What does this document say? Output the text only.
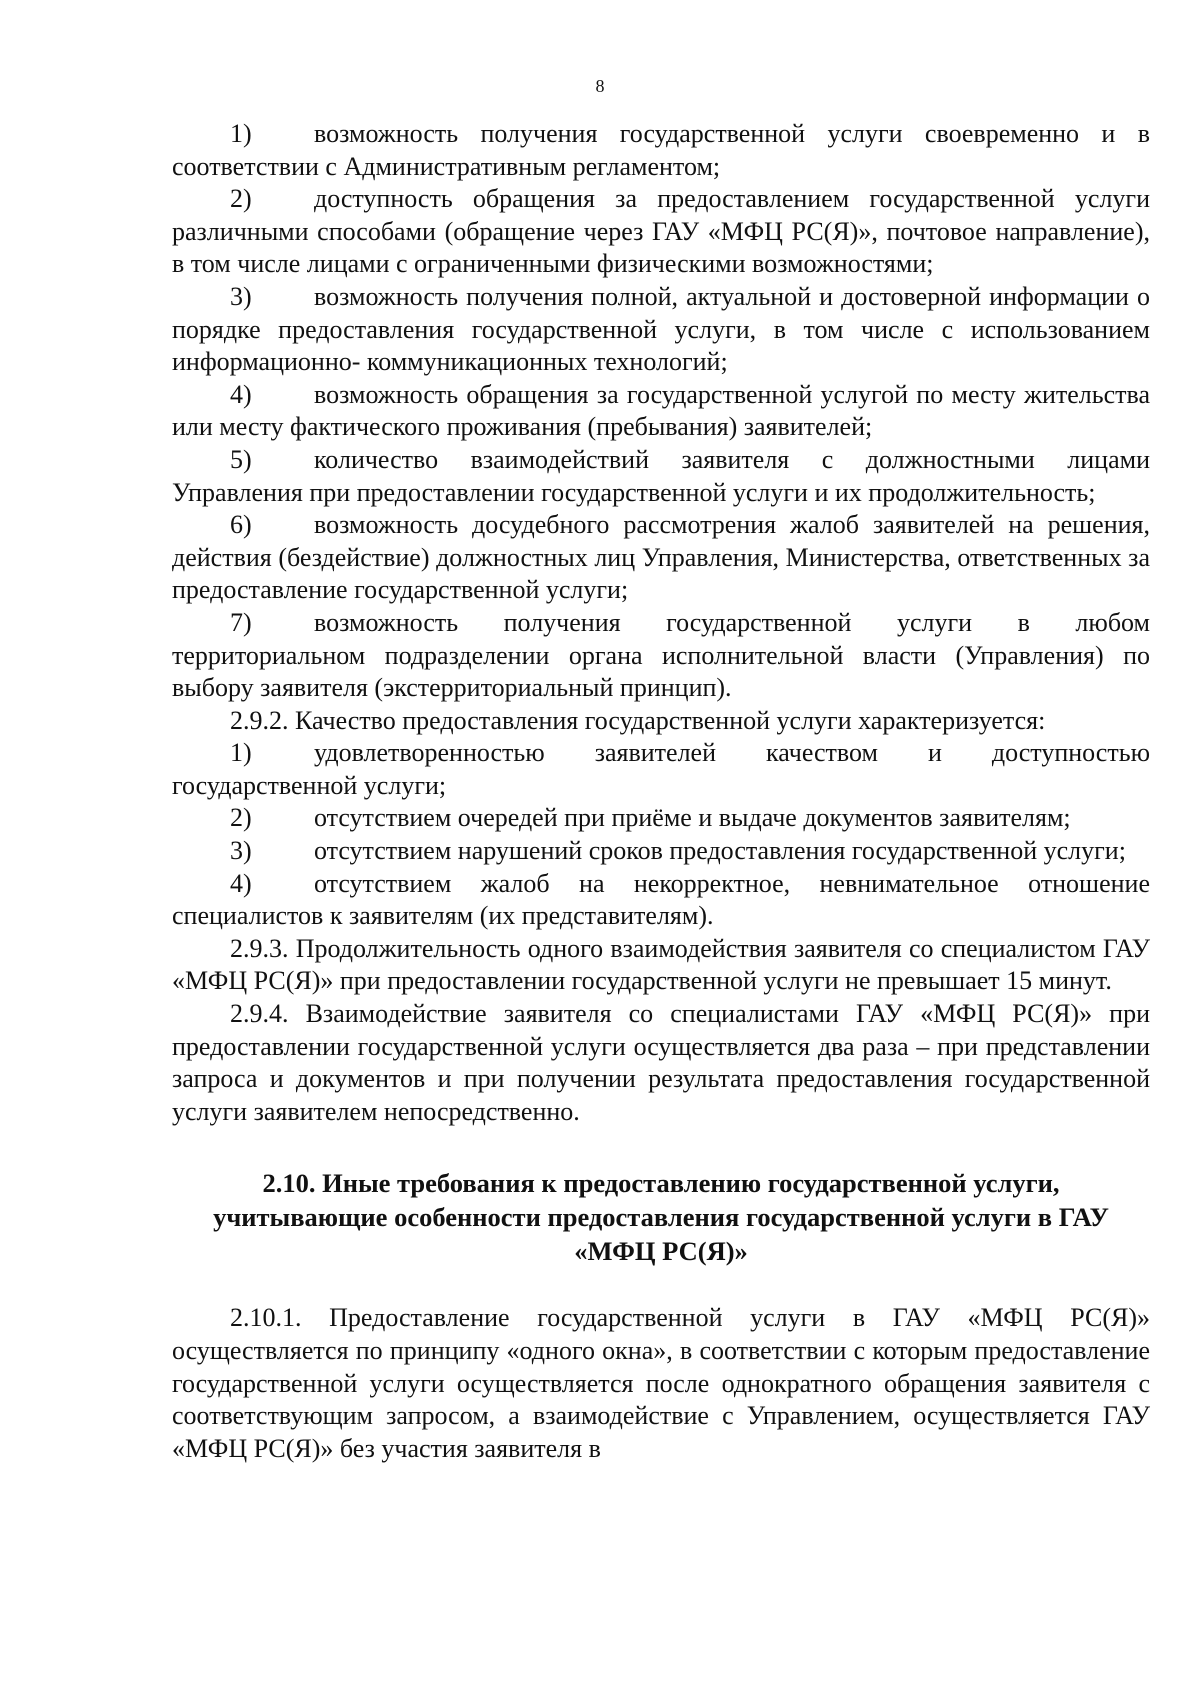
8

1) возможность получения государственной услуги своевременно и в соответствии с Административным регламентом;

2) доступность обращения за предоставлением государственной услуги различными способами (обращение через ГАУ «МФЦ РС(Я)», почтовое направление), в том числе лицами с ограниченными физическими возможностями;

3) возможность получения полной, актуальной и достоверной информации о порядке предоставления государственной услуги, в том числе с использованием информационно- коммуникационных технологий;

4) возможность обращения за государственной услугой по месту жительства или месту фактического проживания (пребывания) заявителей;

5) количество взаимодействий заявителя с должностными лицами Управления при предоставлении государственной услуги и их продолжительность;

6) возможность досудебного рассмотрения жалоб заявителей на решения, действия (бездействие) должностных лиц Управления, Министерства, ответственных за предоставление государственной услуги;

7) возможность получения государственной услуги в любом территориальном подразделении органа исполнительной власти (Управления) по выбору заявителя (экстерриториальный принцип).

2.9.2. Качество предоставления государственной услуги характеризуется:

1) удовлетворенностью заявителей качеством и доступностью государственной услуги;

2) отсутствием очередей при приёме и выдаче документов заявителям;

3) отсутствием нарушений сроков предоставления государственной услуги;

4) отсутствием жалоб на некорректное, невнимательное отношение специалистов к заявителям (их представителям).

2.9.3. Продолжительность одного взаимодействия заявителя со специалистом ГАУ «МФЦ РС(Я)» при предоставлении государственной услуги не превышает 15 минут.

2.9.4. Взаимодействие заявителя со специалистами ГАУ «МФЦ РС(Я)» при предоставлении государственной услуги осуществляется два раза – при представлении запроса и документов и при получении результата предоставления государственной услуги заявителем непосредственно.

2.10. Иные требования к предоставлению государственной услуги, учитывающие особенности предоставления государственной услуги в ГАУ «МФЦ РС(Я)»

2.10.1. Предоставление государственной услуги в ГАУ «МФЦ РС(Я)» осуществляется по принципу «одного окна», в соответствии с которым предоставление государственной услуги осуществляется после однократного обращения заявителя с соответствующим запросом, а взаимодействие с Управлением, осуществляется ГАУ «МФЦ РС(Я)» без участия заявителя в
